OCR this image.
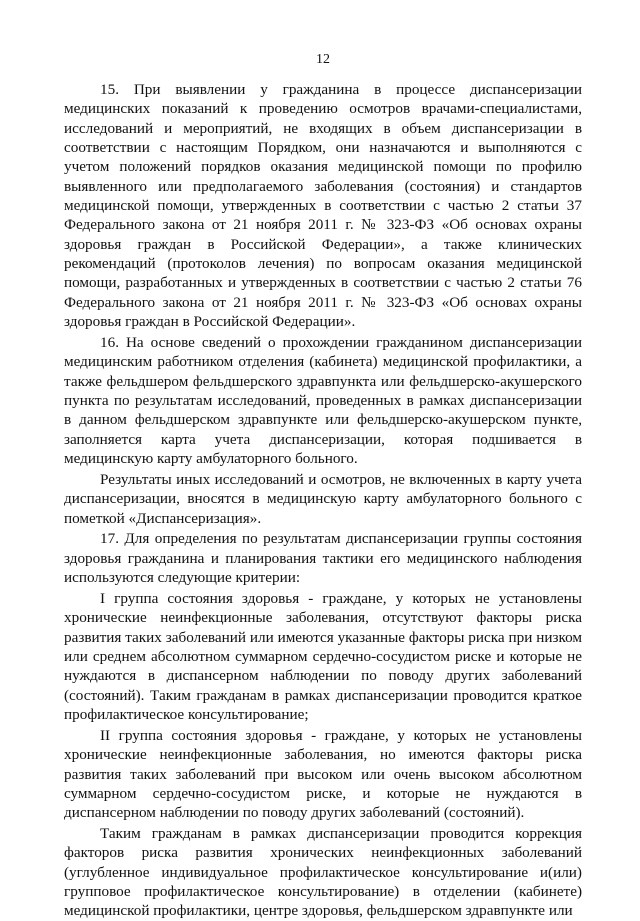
12

15. При выявлении у гражданина в процессе диспансеризации медицинских показаний к проведению осмотров врачами-специалистами, исследований и мероприятий, не входящих в объем диспансеризации в соответствии с настоящим Порядком, они назначаются и выполняются с учетом положений порядков оказания медицинской помощи по профилю выявленного или предполагаемого заболевания (состояния) и стандартов медицинской помощи, утвержденных в соответствии с частью 2 статьи 37 Федерального закона от 21 ноября 2011 г. № 323-ФЗ «Об основах охраны здоровья граждан в Российской Федерации», а также клинических рекомендаций (протоколов лечения) по вопросам оказания медицинской помощи, разработанных и утвержденных в соответствии с частью 2 статьи 76 Федерального закона от 21 ноября 2011 г. № 323-ФЗ «Об основах охраны здоровья граждан в Российской Федерации».

16. На основе сведений о прохождении гражданином диспансеризации медицинским работником отделения (кабинета) медицинской профилактики, а также фельдшером фельдшерского здравпункта или фельдшерско-акушерского пункта по результатам исследований, проведенных в рамках диспансеризации в данном фельдшерском здравпункте или фельдшерско-акушерском пункте, заполняется карта учета диспансеризации, которая подшивается в медицинскую карту амбулаторного больного.

Результаты иных исследований и осмотров, не включенных в карту учета диспансеризации, вносятся в медицинскую карту амбулаторного больного с пометкой «Диспансеризация».

17. Для определения по результатам диспансеризации группы состояния здоровья гражданина и планирования тактики его медицинского наблюдения используются следующие критерии:

I группа состояния здоровья - граждане, у которых не установлены хронические неинфекционные заболевания, отсутствуют факторы риска развития таких заболеваний или имеются указанные факторы риска при низком или среднем абсолютном суммарном сердечно-сосудистом риске и которые не нуждаются в диспансерном наблюдении по поводу других заболеваний (состояний). Таким гражданам в рамках диспансеризации проводится краткое профилактическое консультирование;

II группа состояния здоровья - граждане, у которых не установлены хронические неинфекционные заболевания, но имеются факторы риска развития таких заболеваний при высоком или очень высоком абсолютном суммарном сердечно-сосудистом риске, и которые не нуждаются в диспансерном наблюдении по поводу других заболеваний (состояний).

Таким гражданам в рамках диспансеризации проводится коррекция факторов риска развития хронических неинфекционных заболеваний (углубленное индивидуальное профилактическое консультирование и(или) групповое профилактическое консультирование) в отделении (кабинете) медицинской профилактики, центре здоровья, фельдшерском здравпункте или
